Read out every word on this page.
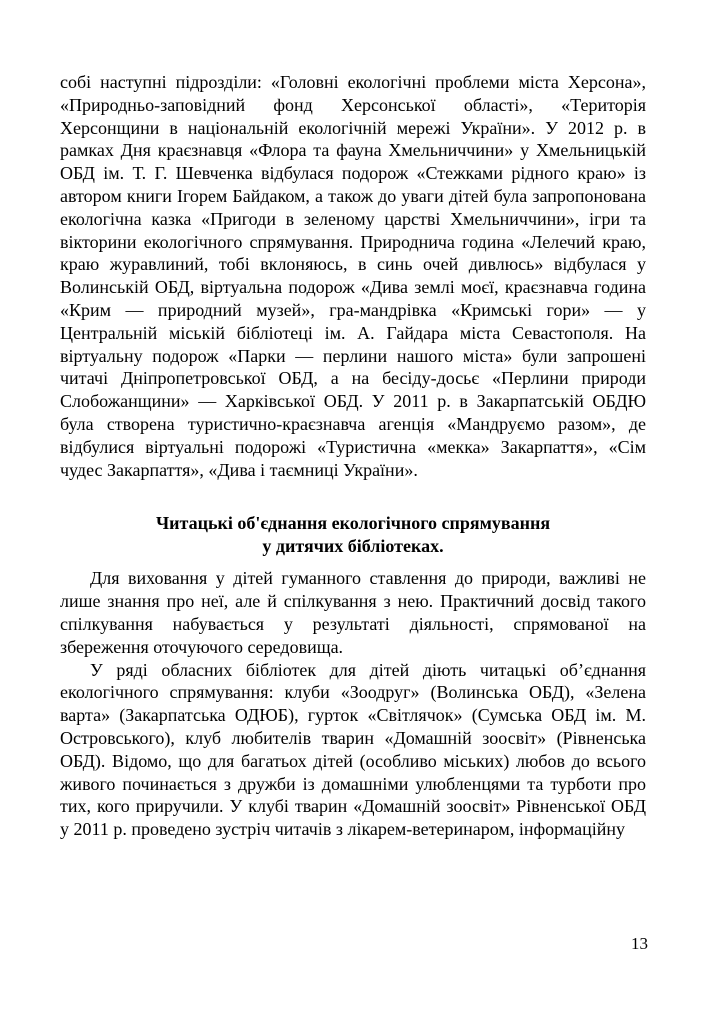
собі наступні підрозділи: «Головні екологічні проблеми міста Херсона», «Природньо-заповідний фонд Херсонської області», «Територія Херсонщини в національній екологічній мережі України». У 2012 р. в рамках Дня краєзнавця «Флора та фауна Хмельниччини» у Хмельницькій ОБД ім. Т. Г. Шевченка відбулася подорож «Стежками рідного краю» із автором книги Ігорем Байдаком, а також до уваги дітей була запропонована екологічна казка «Пригоди в зеленому царстві Хмельниччини», ігри та вікторини екологічного спрямування. Природнича година «Лелечий краю, краю журавлиний, тобі вклоняюсь, в синь очей дивлюсь» відбулася у Волинській ОБД, віртуальна подорож «Дива землі моєї, краєзнавча година «Крим — природний музей», гра-мандрівка «Кримські гори» — у Центральній міській бібліотеці ім. А. Гайдара міста Севастополя. На віртуальну подорож «Парки — перлини нашого міста» були запрошені читачі Дніпропетровської ОБД, а на бесіду-досьє «Перлини природи Слобожанщини» — Харківської ОБД. У 2011 р. в Закарпатській ОБДЮ була створена туристично-краєзнавча агенція «Мандруємо разом», де відбулися віртуальні подорожі «Туристична «мекка» Закарпаття», «Сім чудес Закарпаття», «Дива і таємниці України».

Читацькі об'єднання екологічного спрямування
у дитячих бібліотеках.

Для виховання у дітей гуманного ставлення до природи, важливі не лише знання про неї, але й спілкування з нею. Практичний досвід такого спілкування набувається у результаті діяльності, спрямованої на збереження оточуючого середовища.

У ряді обласних бібліотек для дітей діють читацькі об’єднання екологічного спрямування: клуби «Зоодруг» (Волинська ОБД), «Зелена варта» (Закарпатська ОДЮБ), гурток «Світлячок» (Сумська ОБД ім. М. Островського), клуб любителів тварин «Домашній зоосвіт» (Рівненська ОБД). Відомо, що для багатьох дітей (особливо міських) любов до всього живого починається з дружби із домашніми улюбленцями та турботи про тих, кого приручили. У клубі тварин «Домашній зоосвіт» Рівненської ОБД у 2011 р. проведено зустріч читачів з лікарем-ветеринаром, інформаційну

13
